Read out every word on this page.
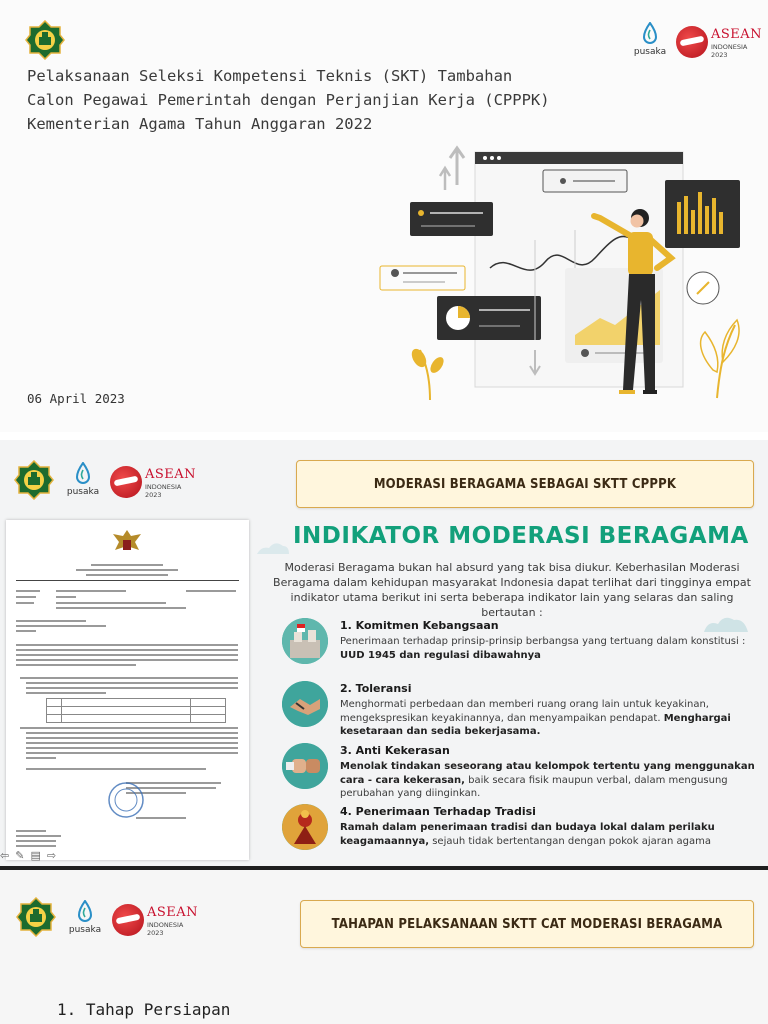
pusaka
ASEAN
INDONESIA
2023
Pelaksanaan Seleksi Kompetensi Teknis (SKT) Tambahan
Calon Pegawai Pemerintah dengan Perjanjian Kerja (CPPPK)
Kementerian Agama Tahun Anggaran 2022
06 April 2023
pusaka
ASEAN
INDONESIA
2023
MODERASI BERAGAMA SEBAGAI SKTT CPPPK

⇦ ✎ ▤ ⇨
INDIKATOR MODERASI BERAGAMA
Moderasi Beragama bukan hal absurd yang tak bisa diukur. Keberhasilan Moderasi Beragama dalam kehidupan masyarakat Indonesia dapat terlihat dari tingginya empat indikator utama berikut ini serta beberapa indikator lain yang selaras dan saling bertautan :
1. Komitmen Kebangsaan
Penerimaan terhadap prinsip-prinsip berbangsa yang tertuang dalam konstitusi : UUD 1945 dan regulasi dibawahnya
2. Toleransi
Menghormati perbedaan dan memberi ruang orang lain untuk keyakinan, mengekspresikan keyakinannya, dan menyampaikan pendapat. Menghargai kesetaraan dan sedia bekerjasama.
3. Anti Kekerasan
Menolak tindakan seseorang atau kelompok tertentu yang menggunakan cara - cara kekerasan, baik secara fisik maupun verbal, dalam mengusung perubahan yang diinginkan.
4. Penerimaan Terhadap Tradisi
Ramah dalam penerimaan tradisi dan budaya lokal dalam perilaku keagamaannya, sejauh tidak bertentangan dengan pokok ajaran agama
pusaka
ASEAN
INDONESIA
2023
TAHAPAN PELAKSANAAN SKTT CAT MODERASI BERAGAMA
1. Tahap Persiapan
